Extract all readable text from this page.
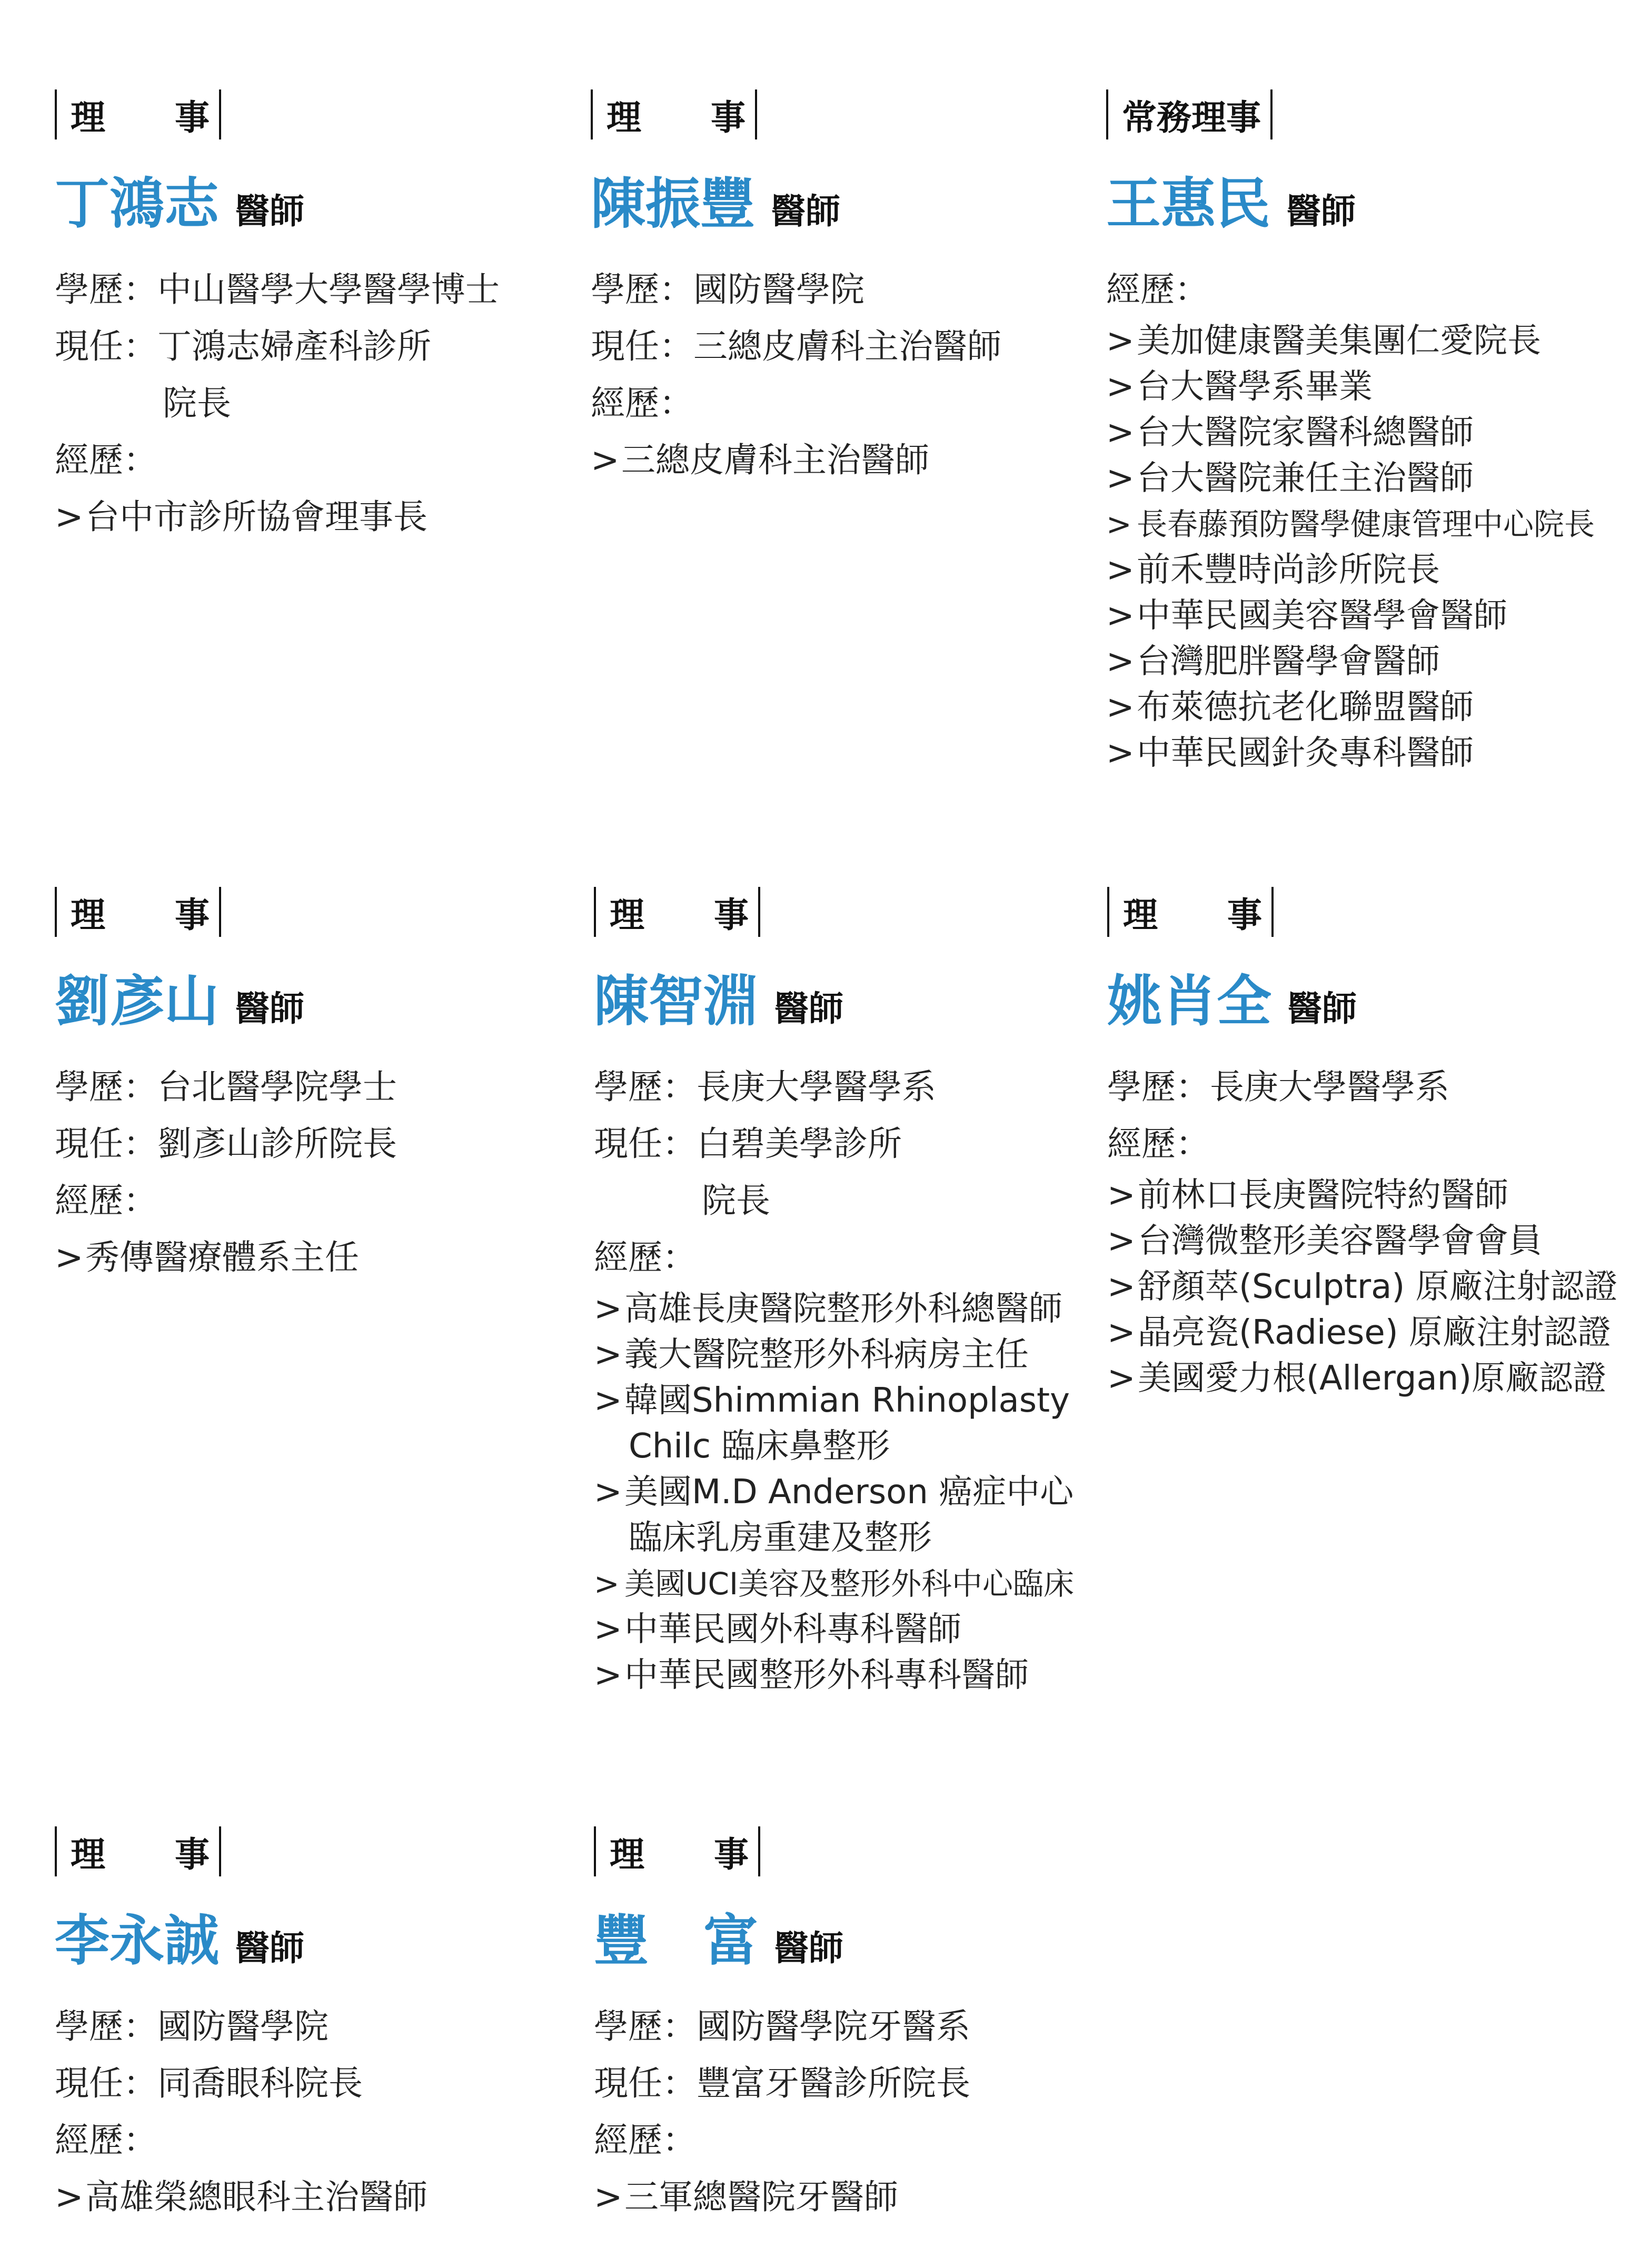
理　　事
丁鴻志 醫師
學歷：中山醫學大學醫學博士
現任：丁鴻志婦產科診所
院長
經歷：
>台中市診所協會理事長
理　　事
陳振豐 醫師
學歷：國防醫學院
現任：三總皮膚科主治醫師
經歷：
>三總皮膚科主治醫師
常務理事
王惠民 醫師
經歷：
>美加健康醫美集團仁愛院長
>台大醫學系畢業
>台大醫院家醫科總醫師
>台大醫院兼任主治醫師
> 長春藤預防醫學健康管理中心院長
>前禾豐時尚診所院長
>中華民國美容醫學會醫師
>台灣肥胖醫學會醫師
>布萊德抗老化聯盟醫師
>中華民國針灸專科醫師
理　　事
劉彥山 醫師
學歷：台北醫學院學士
現任：劉彥山診所院長
經歷：
>秀傳醫療體系主任
理　　事
陳智淵 醫師
學歷：長庚大學醫學系
現任：白碧美學診所
院長
經歷：
>高雄長庚醫院整形外科總醫師
>義大醫院整形外科病房主任
>韓國Shimmian Rhinoplasty
Chilc 臨床鼻整形
>美國M.D Anderson 癌症中心
臨床乳房重建及整形
> 美國UCI美容及整形外科中心臨床
>中華民國外科專科醫師
>中華民國整形外科專科醫師
理　　事
姚肖全 醫師
學歷：長庚大學醫學系
經歷：
>前林口長庚醫院特約醫師
>台灣微整形美容醫學會會員
>舒顏萃(Sculptra) 原廠注射認證
>晶亮瓷(Radiese) 原廠注射認證
>美國愛力根(Allergan)原廠認證
理　　事
李永誠 醫師
學歷：國防醫學院
現任：同喬眼科院長
經歷：
>高雄榮總眼科主治醫師
理　　事
豐　富 醫師
學歷：國防醫學院牙醫系
現任：豐富牙醫診所院長
經歷：
>三軍總醫院牙醫師
